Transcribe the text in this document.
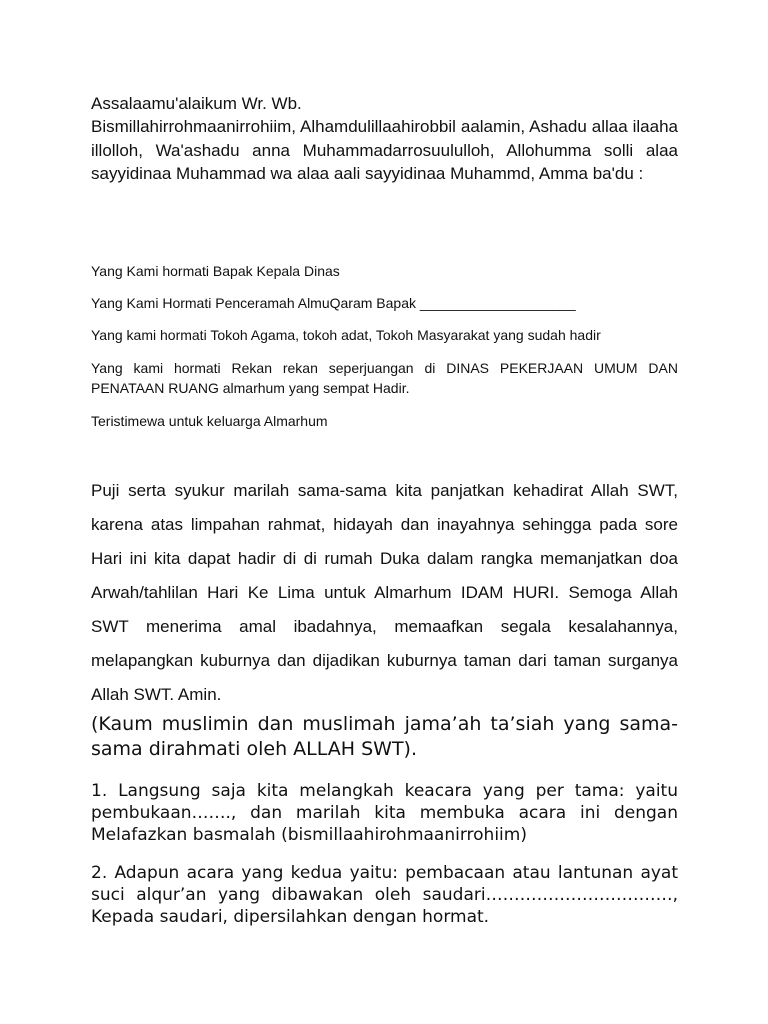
Assalaamu'alaikum Wr. Wb.

Bismillahirrohmaanirrohiim, Alhamdulillaahirobbil aalamin, Ashadu allaa ilaaha illolloh, Wa'ashadu anna Muhammadarrosuululloh, Allohumma solli alaa sayyidinaa Muhammad wa alaa aali sayyidinaa Muhammd, Amma ba'du :

Yang Kami hormati Bapak Kepala Dinas

Yang Kami Hormati Penceramah AlmuQaram Bapak ____________________

Yang kami hormati Tokoh Agama, tokoh adat, Tokoh Masyarakat yang sudah hadir

Yang kami hormati Rekan rekan seperjuangan di DINAS PEKERJAAN UMUM DAN PENATAAN RUANG almarhum yang sempat Hadir.

Teristimewa untuk keluarga Almarhum

Puji serta syukur marilah sama-sama kita panjatkan kehadirat Allah SWT, karena atas limpahan rahmat, hidayah dan inayahnya sehingga pada sore Hari ini kita dapat hadir di di rumah Duka dalam rangka memanjatkan doa Arwah/tahlilan Hari Ke Lima untuk Almarhum IDAM HURI. Semoga Allah SWT menerima amal ibadahnya, memaafkan segala kesalahannya, melapangkan kuburnya dan dijadikan kuburnya taman dari taman surganya Allah SWT. Amin.

(Kaum muslimin dan muslimah jama’ah ta’siah yang sama-sama dirahmati oleh ALLAH SWT).

1. Langsung saja kita melangkah keacara yang per tama: yaitu pembukaan……., dan marilah kita membuka acara ini dengan Melafazkan basmalah (bismillaahirohmaanirrohiim)

2. Adapun acara yang kedua yaitu: pembacaan atau lantunan ayat suci alqur’an yang dibawakan oleh saudari……………………………, Kepada saudari, dipersilahkan dengan hormat.
